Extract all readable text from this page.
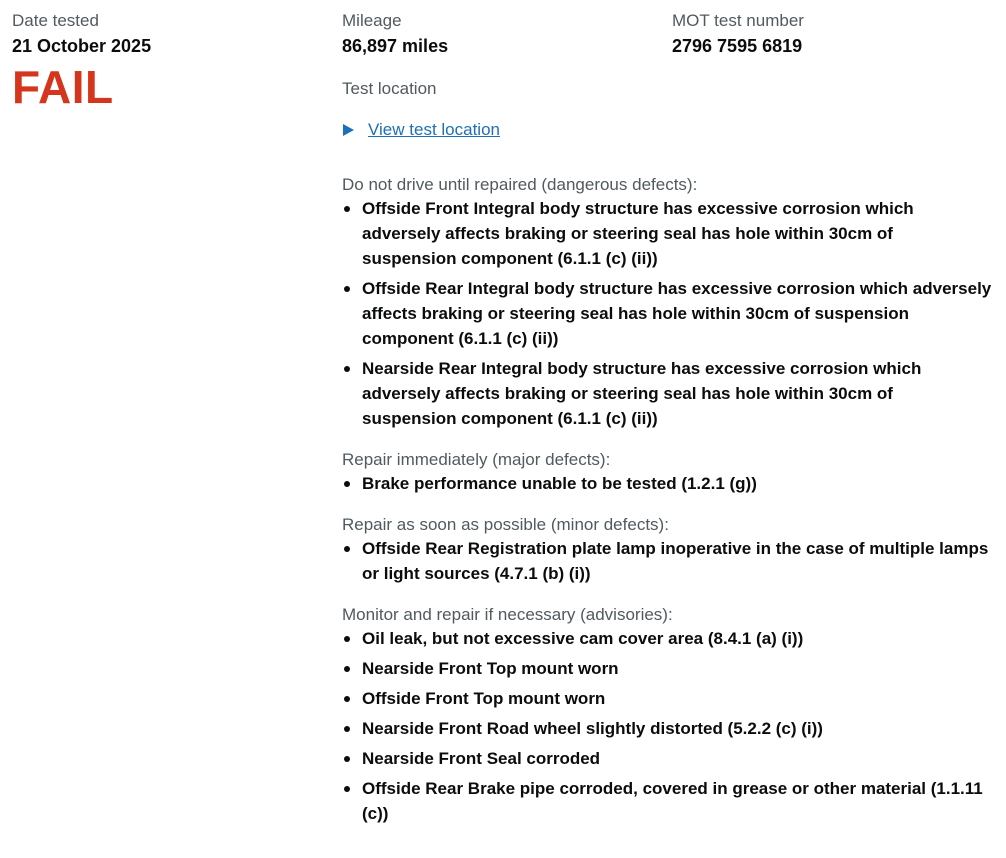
Date tested
21 October 2025
FAIL
Mileage
86,897 miles
Test location
View test location
Do not drive until repaired (dangerous defects):
Offside Front Integral body structure has excessive corrosion which adversely affects braking or steering seal has hole within 30cm of suspension component (6.1.1 (c) (ii))
Offside Rear Integral body structure has excessive corrosion which adversely affects braking or steering seal has hole within 30cm of suspension component (6.1.1 (c) (ii))
Nearside Rear Integral body structure has excessive corrosion which adversely affects braking or steering seal has hole within 30cm of suspension component (6.1.1 (c) (ii))
Repair immediately (major defects):
Brake performance unable to be tested (1.2.1 (g))
Repair as soon as possible (minor defects):
Offside Rear Registration plate lamp inoperative in the case of multiple lamps or light sources (4.7.1 (b) (i))
Monitor and repair if necessary (advisories):
Oil leak, but not excessive cam cover area (8.4.1 (a) (i))
Nearside Front Top mount worn
Offside Front Top mount worn
Nearside Front Road wheel slightly distorted (5.2.2 (c) (i))
Nearside Front Seal corroded
Offside Rear Brake pipe corroded, covered in grease or other material (1.1.11 (c))
MOT test number
2796 7595 6819
